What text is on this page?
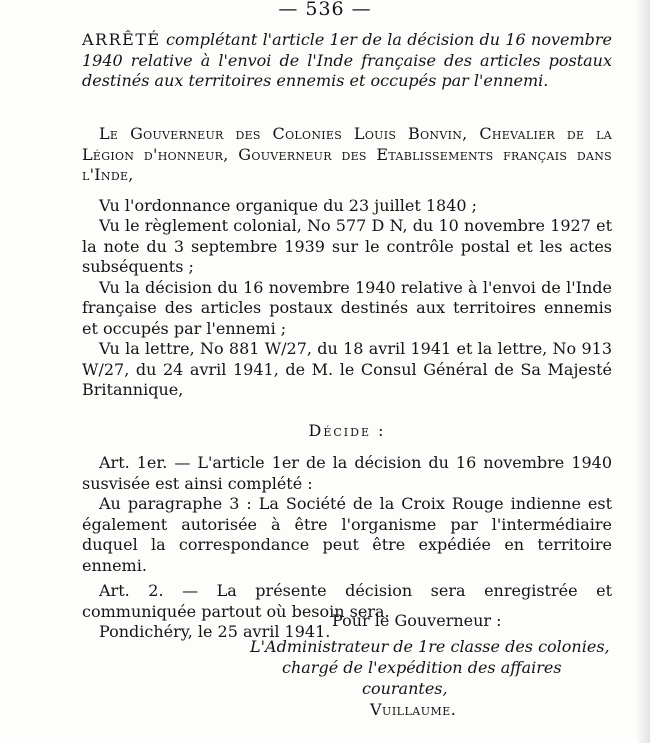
— 536 —
ARRÊTÉ complétant l'article 1er de la décision du 16 novembre 1940 relative à l'envoi de l'Inde française des articles postaux destinés aux territoires ennemis et occupés par l'ennemi.

Le Gouverneur des Colonies Louis Bonvin, Chevalier de la Légion d'honneur, Gouverneur des Etablissements français dans l'Inde,

Vu l'ordonnance organique du 23 juillet 1840 ;

Vu le règlement colonial, No 577 D N, du 10 novembre 1927 et la note du 3 septembre 1939 sur le contrôle postal et les actes subséquents ;

Vu la décision du 16 novembre 1940 relative à l'envoi de l'Inde française des articles postaux destinés aux territoires ennemis et occupés par l'ennemi ;

Vu la lettre, No 881 W/27, du 18 avril 1941 et la lettre, No 913 W/27, du 24 avril 1941, de M. le Consul Général de Sa Majesté Britannique,

Décide :

Art. 1er. — L'article 1er de la décision du 16 novembre 1940 susvisée est ainsi complété :

Au paragraphe 3 : La Société de la Croix Rouge indienne est également autorisée à être l'organisme par l'intermédiaire duquel la correspondance peut être expédiée en territoire ennemi.

Art. 2. — La présente décision sera enregistrée et communiquée partout où besoin sera.

Pondichéry, le 25 avril 1941.

Pour le Gouverneur :

L'Administrateur de 1re classe des colonies,

chargé de l'expédition des affaires

courantes,

Vuillaume.
